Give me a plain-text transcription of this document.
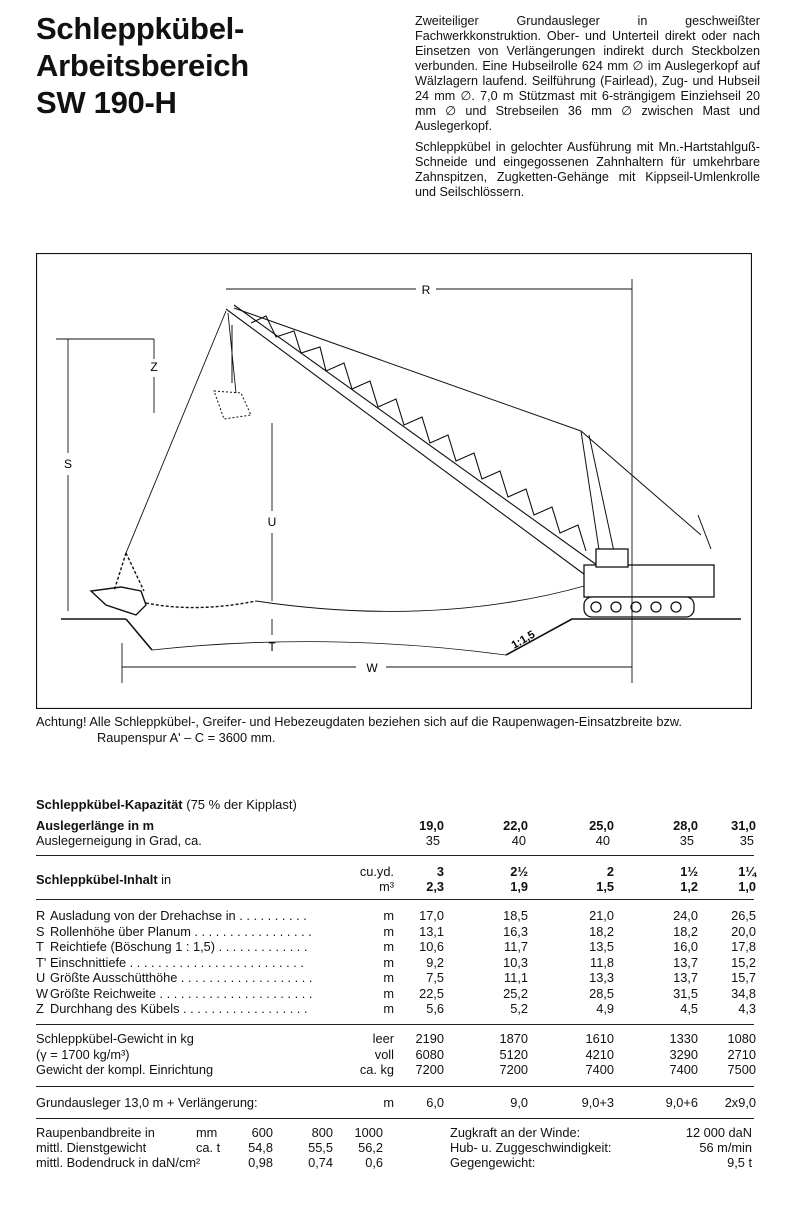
Schleppkübel-
Arbeitsbereich
SW 190-H

Zweiteiliger Grundausleger in geschweißter Fachwerkkonstruktion. Ober- und Unterteil direkt oder nach Einsetzen von Verlängerungen indirekt durch Steckbolzen verbunden. Eine Hubseilrolle 624 mm ∅ im Auslegerkopf auf Wälzlagern laufend. Seilführung (Fairlead), Zug- und Hubseil 24 mm ∅. 7,0 m Stützmast mit 6-strängigem Einziehseil 20 mm ∅ und Strebseilen 36 mm ∅ zwischen Mast und Auslegerkopf.

Schleppkübel in gelochter Ausführung mit Mn.-Hartstahlguß-Schneide und eingegossenen Zahnhaltern für umkehrbare Zahnspitzen, Zugketten-Gehänge mit Kippseil-Umlenkrolle und Seilschlössern.

R
Z
S
U
T
W
1:1,5
Achtung! Alle Schleppkübel-, Greifer- und Hebezeugdaten beziehen sich auf die Raupenwagen-Einsatzbreite bzw.
Raupenspur A' – C = 3600 mm.
Schleppkübel-Kapazität (75 % der Kipplast)
Auslegerlänge in m	19,0	22,0	25,0	28,0	31,0
Auslegerneigung in Grad, ca.	35	40	40	35	35
cu.yd.	3	2½	2	1½	1¼
Schleppkübel-Inhalt in	m³	2,3	1,9	1,5	1,2	1,0
R Ausladung von der Drehachse in . . . . . . . . . .	m 17,0	18,5	21,0	24,0	26,5
S Rollenhöhe über Planum . . . . . . . . . . . . . . . . .	m 13,1	16,3	18,2	18,2	20,0
T Reichtiefe (Böschung 1 : 1,5) . . . . . . . . . . . . .	m 10,6	11,7	13,5	16,0	17,8
T' Einschnittiefe . . . . . . . . . . . . . . . . . . . . . . . . .	m	9,2	10,3	11,8	13,7	15,2
U Größte Ausschütthöhe . . . . . . . . . . . . . . . . . . .	m	7,5	11,1	13,3	13,7	15,7
W Größte Reichweite . . . . . . . . . . . . . . . . . . . . . .	m 22,5	25,2	28,5	31,5	34,8
Z Durchhang des Kübels . . . . . . . . . . . . . . . . . .	m	5,6	5,2	4,9	4,5	4,3
Schleppkübel-Gewicht in kg	leer 2190	1870	1610	1330 1080
(γ = 1700 kg/m³)	voll 6080	5120	4210	3290 2710
Gewicht der kompl. Einrichtung	ca. kg 7200	7200	7400	7400 7500
Grundausleger 13,0 m + Verlängerung:	m	6,0	9,0	9,0+3	9,0+6 2x9,0
Raupenbandbreite in	mm	600	800 1000
mittl. Dienstgewicht	ca. t 54,8	55,5 56,2
mittl. Bodendruck in daN/cm²	0,98	0,74	0,6
Zugkraft an der Winde:	12 000 daN
Hub- u. Zuggeschwindigkeit:	56 m/min
Gegengewicht:	9,5 t
